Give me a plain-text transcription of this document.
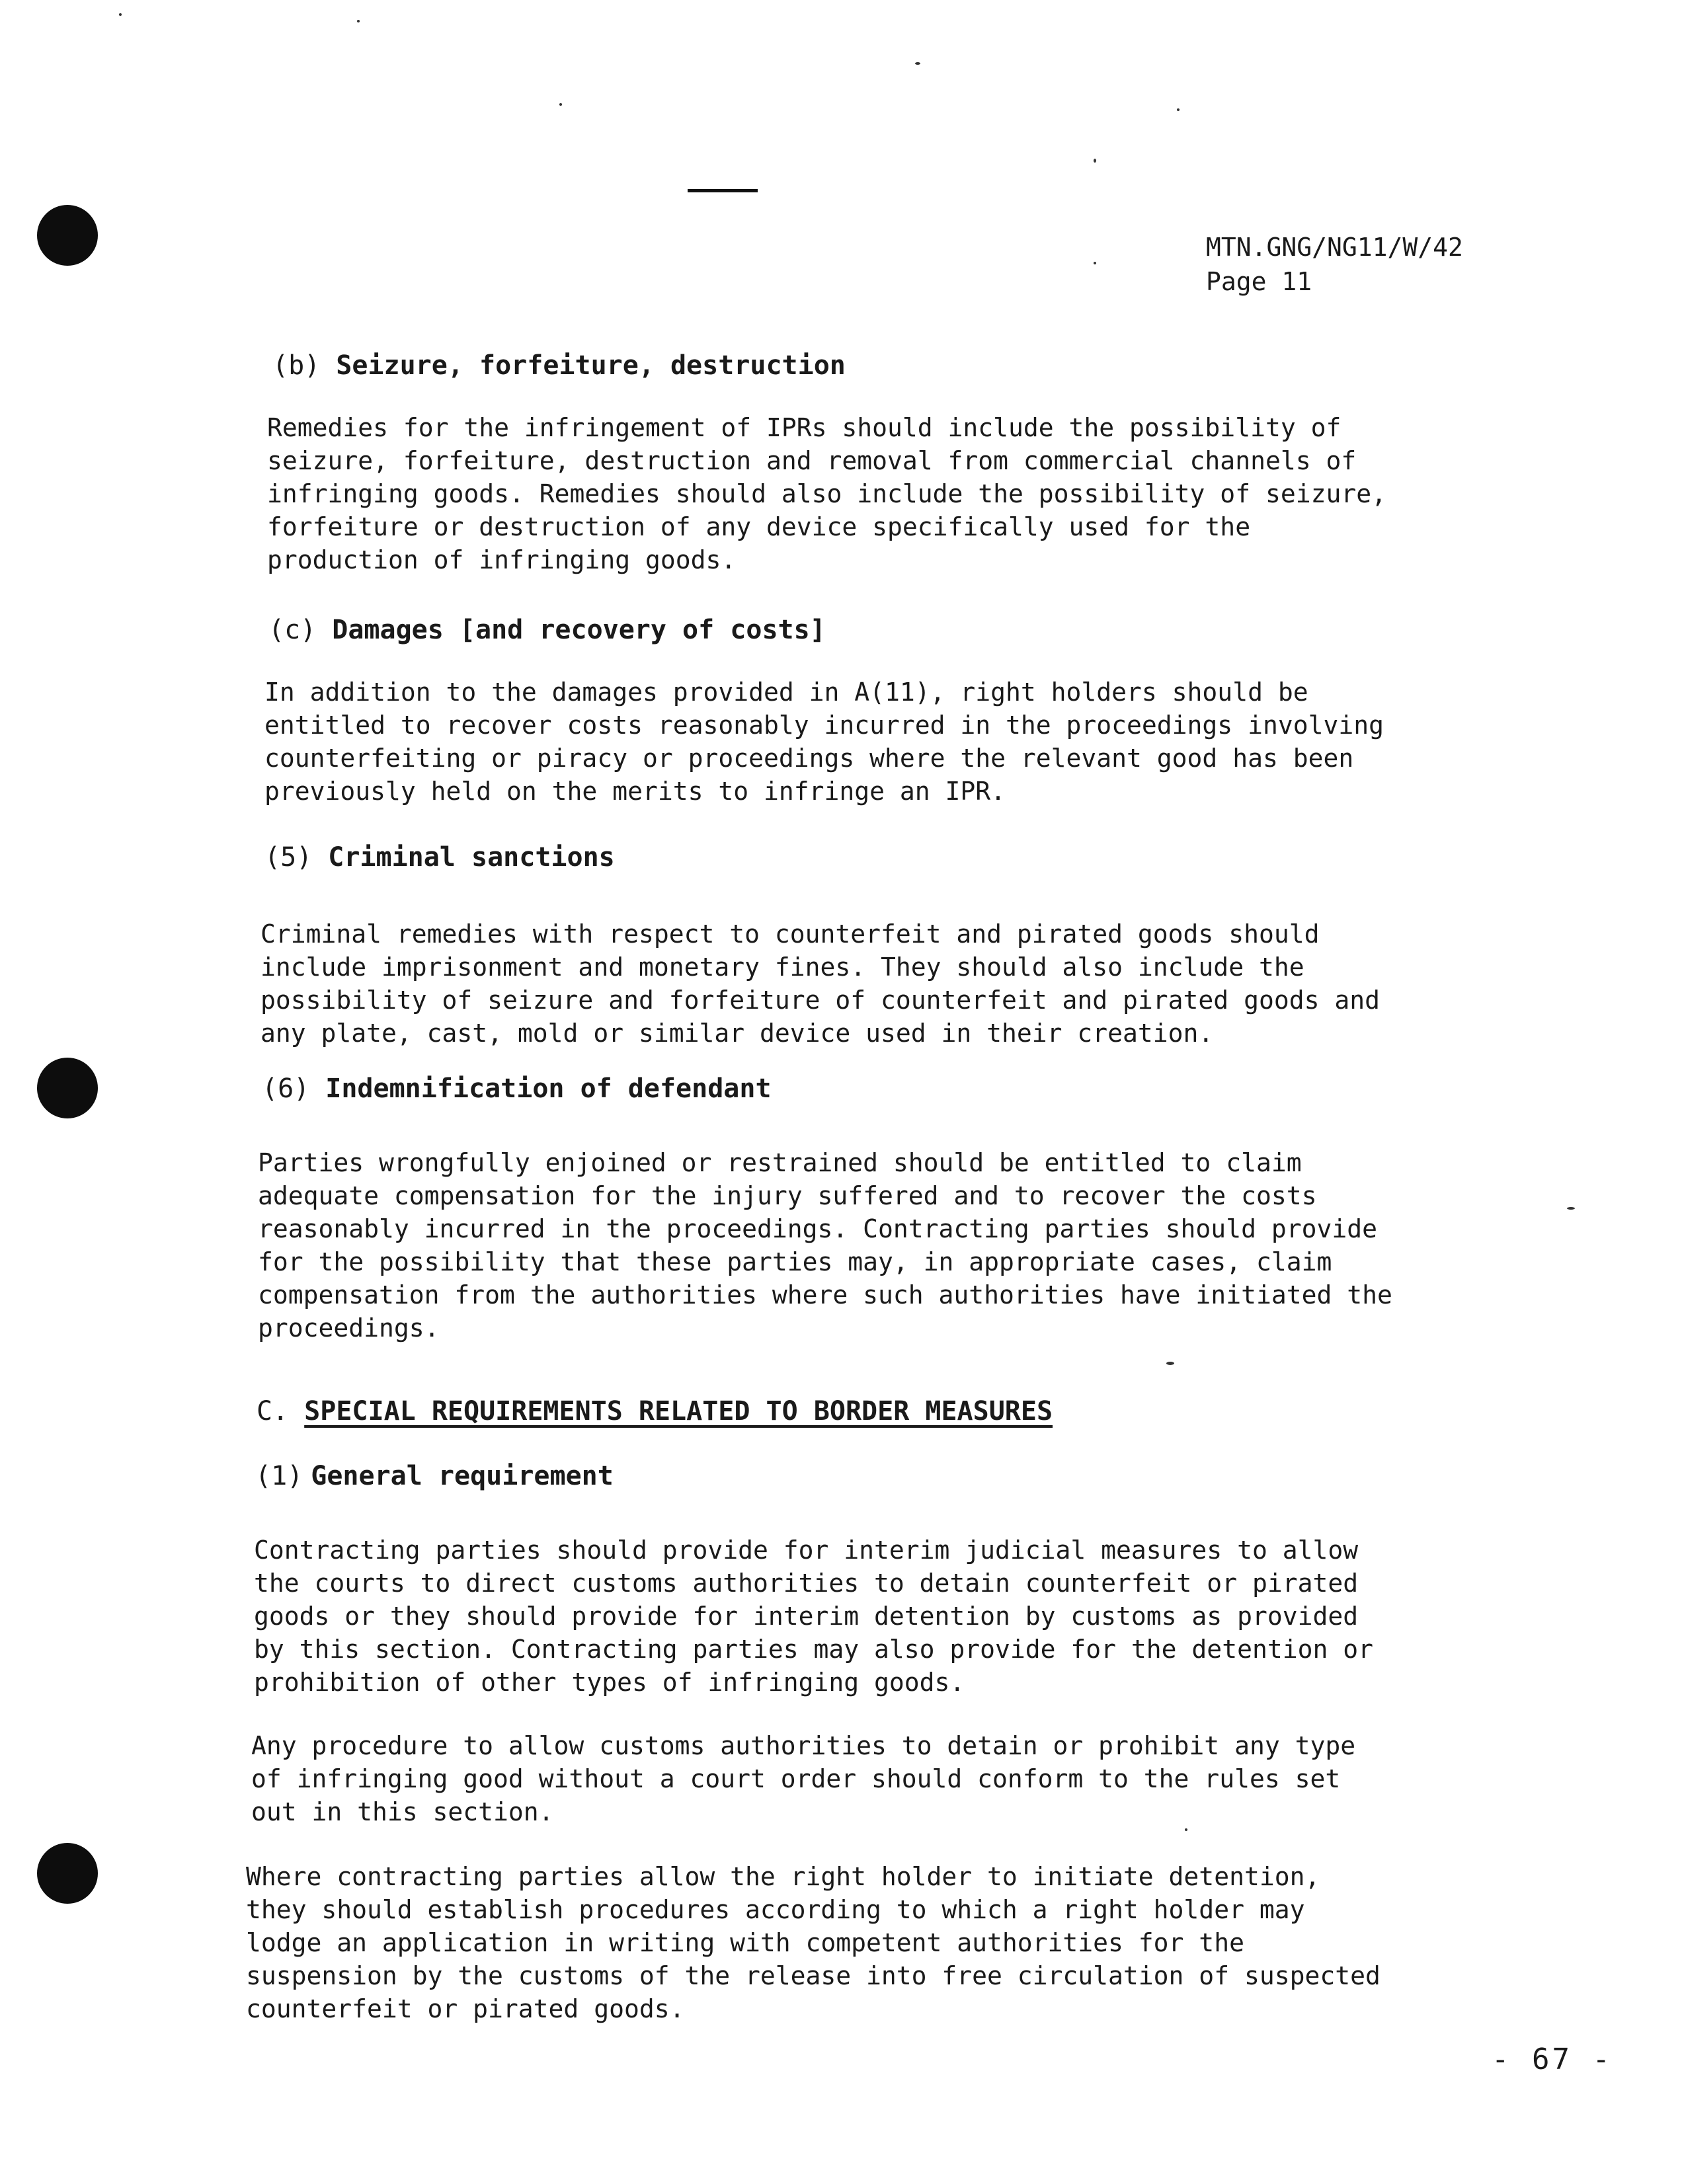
MTN.GNG/NG11/W/42
Page 11
(b) Seizure, forfeiture, destruction
Remedies for the infringement of IPRs should include the possibility of
seizure, forfeiture, destruction and removal from commercial channels of
infringing goods. Remedies should also include the possibility of seizure,
forfeiture or destruction of any device specifically used for the
production of infringing goods.
(c) Damages [and recovery of costs]
In addition to the damages provided in A(11), right holders should be
entitled to recover costs reasonably incurred in the proceedings involving
counterfeiting or piracy or proceedings where the relevant good has been
previously held on the merits to infringe an IPR.
(5) Criminal sanctions
Criminal remedies with respect to counterfeit and pirated goods should
include imprisonment and monetary fines. They should also include the
possibility of seizure and forfeiture of counterfeit and pirated goods and
any plate, cast, mold or similar device used in their creation.
(6) Indemnification of defendant
Parties wrongfully enjoined or restrained should be entitled to claim
adequate compensation for the injury suffered and to recover the costs
reasonably incurred in the proceedings. Contracting parties should provide
for the possibility that these parties may, in appropriate cases, claim
compensation from the authorities where such authorities have initiated the
proceedings.
C. SPECIAL REQUIREMENTS RELATED TO BORDER MEASURES
(1) General requirement
Contracting parties should provide for interim judicial measures to allow
the courts to direct customs authorities to detain counterfeit or pirated
goods or they should provide for interim detention by customs as provided
by this section. Contracting parties may also provide for the detention or
prohibition of other types of infringing goods.
Any procedure to allow customs authorities to detain or prohibit any type
of infringing good without a court order should conform to the rules set
out in this section.
Where contracting parties allow the right holder to initiate detention,
they should establish procedures according to which a right holder may
lodge an application in writing with competent authorities for the
suspension by the customs of the release into free circulation of suspected
counterfeit or pirated goods.
- 67 -
